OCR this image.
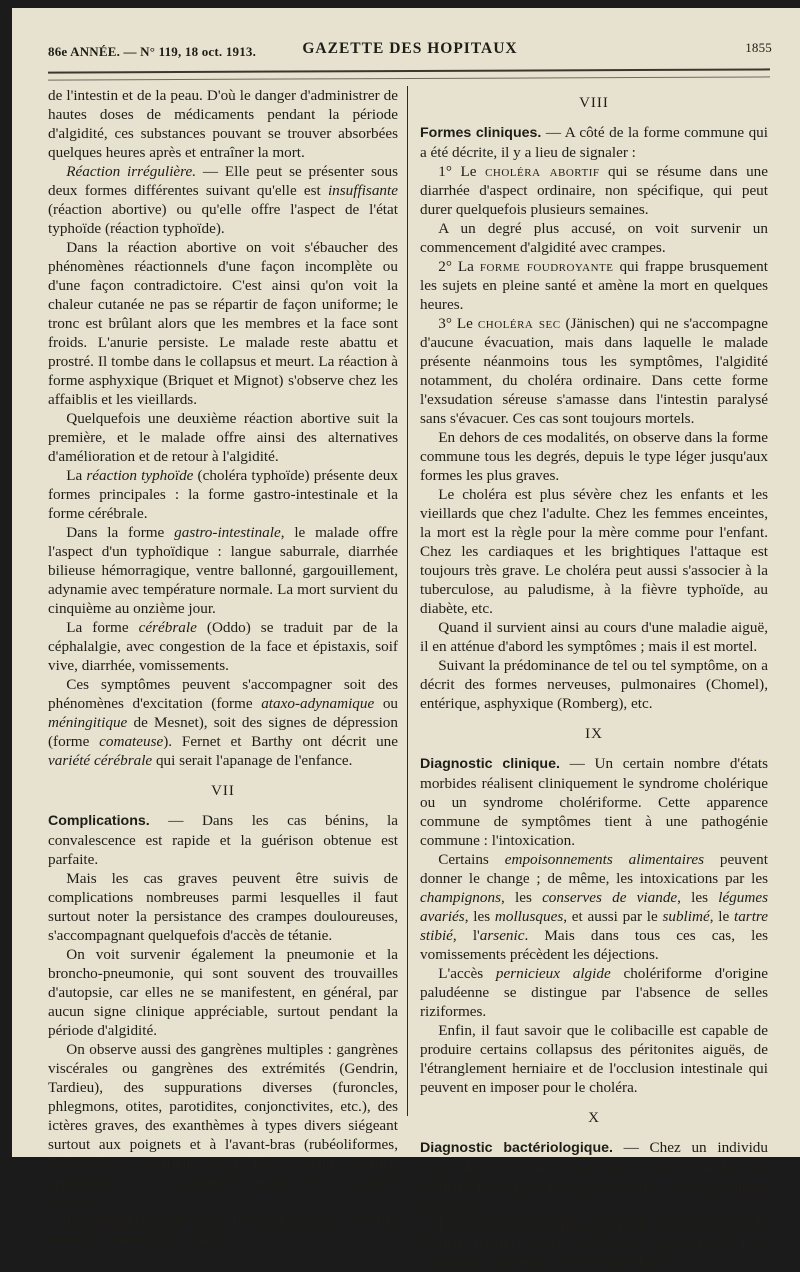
86e ANNÉE. — N° 119, 18 oct. 1913.	GAZETTE DES HOPITAUX	1855

de l'intestin et de la peau. D'où le danger d'administrer de hautes doses de médicaments pendant la période d'algidité, ces substances pouvant se trouver absorbées quelques heures après et entraîner la mort.

Réaction irrégulière. — Elle peut se présenter sous deux formes différentes suivant qu'elle est insuffisante (réaction abortive) ou qu'elle offre l'aspect de l'état typhoïde (réaction typhoïde).

Dans la réaction abortive on voit s'ébaucher des phénomènes réactionnels d'une façon incomplète ou d'une façon contradictoire. C'est ainsi qu'on voit la chaleur cutanée ne pas se répartir de façon uniforme; le tronc est brûlant alors que les membres et la face sont froids. L'anurie persiste. Le malade reste abattu et prostré. Il tombe dans le collapsus et meurt. La réaction à forme asphyxique (Briquet et Mignot) s'observe chez les affaiblis et les vieillards.

Quelquefois une deuxième réaction abortive suit la première, et le malade offre ainsi des alternatives d'amélioration et de retour à l'algidité.

La réaction typhoïde (choléra typhoïde) présente deux formes principales : la forme gastro-intestinale et la forme cérébrale.

Dans la forme gastro-intestinale, le malade offre l'aspect d'un typhoïdique : langue saburrale, diarrhée bilieuse hémorragique, ventre ballonné, gargouillement, adynamie avec température normale. La mort survient du cinquième au onzième jour.

La forme cérébrale (Oddo) se traduit par de la céphalalgie, avec congestion de la face et épistaxis, soif vive, diarrhée, vomissements.

Ces symptômes peuvent s'accompagner soit des phénomènes d'excitation (forme ataxo-adynamique ou méningitique de Mesnet), soit des signes de dépression (forme comateuse). Fernet et Barthy ont décrit une variété cérébrale qui serait l'apanage de l'enfance.

VII

Complications. — Dans les cas bénins, la convalescence est rapide et la guérison obtenue est parfaite.

Mais les cas graves peuvent être suivis de complications nombreuses parmi lesquelles il faut surtout noter la persistance des crampes douloureuses, s'accompagnant quelquefois d'accès de tétanie.

On voit survenir également la pneumonie et la broncho-pneumonie, qui sont souvent des trouvailles d'autopsie, car elles ne se manifestent, en général, par aucun signe clinique appréciable, surtout pendant la période d'algidité.

On observe aussi des gangrènes multiples : gangrènes viscérales ou gangrènes des extrémités (Gendrin, Tardieu), des suppurations diverses (furoncles, phlegmons, otites, parotidites, conjonctivites, etc.), des ictères graves, des exanthèmes à types divers siégeant surtout aux poignets et à l'avant-bras (rubéoliformes, lichénoïdes, urticariens, etc.). Pour certains auteurs, l'apparition de l'exanthème serait d'un excellent pronostic.

L'avortement serait assez fréquent chez les femmes enceintes atteintes de choléra.

VIII

Formes cliniques. — A côté de la forme commune qui a été décrite, il y a lieu de signaler :

1° Le choléra abortif qui se résume dans une diarrhée d'aspect ordinaire, non spécifique, qui peut durer quelquefois plusieurs semaines.

A un degré plus accusé, on voit survenir un commencement d'algidité avec crampes.

2° La forme foudroyante qui frappe brusquement les sujets en pleine santé et amène la mort en quelques heures.

3° Le choléra sec (Jänischen) qui ne s'accompagne d'aucune évacuation, mais dans laquelle le malade présente néanmoins tous les symptômes, l'algidité notamment, du choléra ordinaire. Dans cette forme l'exsudation séreuse s'amasse dans l'intestin paralysé sans s'évacuer. Ces cas sont toujours mortels.

En dehors de ces modalités, on observe dans la forme commune tous les degrés, depuis le type léger jusqu'aux formes les plus graves.

Le choléra est plus sévère chez les enfants et les vieillards que chez l'adulte. Chez les femmes enceintes, la mort est la règle pour la mère comme pour l'enfant. Chez les cardiaques et les brightiques l'attaque est toujours très grave. Le choléra peut aussi s'associer à la tuberculose, au paludisme, à la fièvre typhoïde, au diabète, etc.

Quand il survient ainsi au cours d'une maladie aiguë, il en atténue d'abord les symptômes ; mais il est mortel.

Suivant la prédominance de tel ou tel symptôme, on a décrit des formes nerveuses, pulmonaires (Chomel), entérique, asphyxique (Romberg), etc.

IX

Diagnostic clinique. — Un certain nombre d'états morbides réalisent cliniquement le syndrome cholérique ou un syndrome cholériforme. Cette apparence commune de symptômes tient à une pathogénie commune : l'intoxication.

Certains empoisonnements alimentaires peuvent donner le change ; de même, les intoxications par les champignons, les conserves de viande, les légumes avariés, les mollusques, et aussi par le sublimé, le tartre stibié, l'arsenic. Mais dans tous ces cas, les vomissements précèdent les déjections.

L'accès pernicieux algide cholériforme d'origine paludéenne se distingue par l'absence de selles riziformes.

Enfin, il faut savoir que le colibacille est capable de produire certains collapsus des péritonites aiguës, de l'étranglement herniaire et de l'occlusion intestinale qui peuvent en imposer pour le choléra.

X

Diagnostic bactériologique. — Chez un individu atteint de choléra, le vibrion doit être recherché dans les matières fécales, ou bien, post mortem, dans le contenu intestinal.

L'examen microscopique à l'état frais d'un peu de matière fécale délayée dans l'eau physiologique, peut quelquefois permettre de voir des vibrions
